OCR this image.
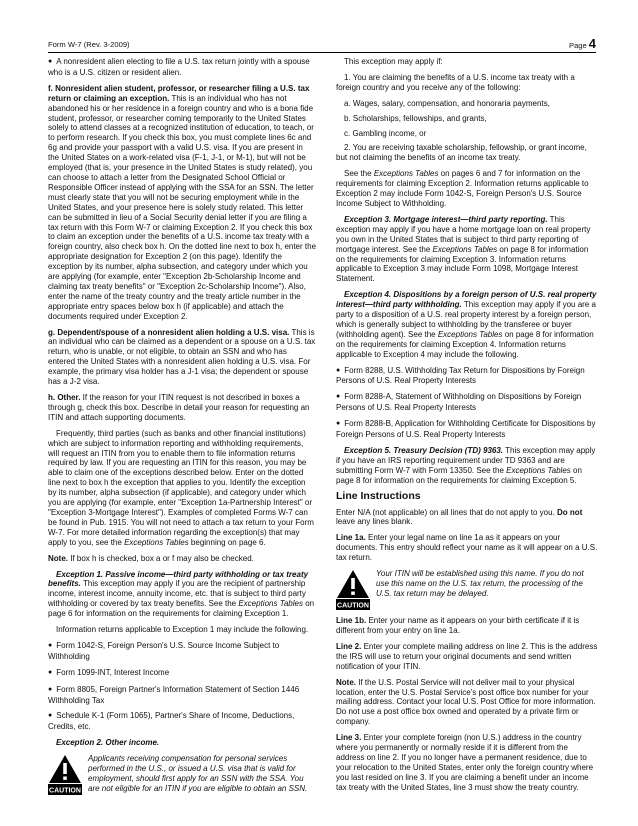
Form W-7 (Rev. 3-2009)	Page 4

● A nonresident alien electing to file a U.S. tax return jointly with a spouse who is a U.S. citizen or resident alien.

f. Nonresident alien student, professor, or researcher filing a U.S. tax return or claiming an exception. This is an individual who has not abandoned his or her residence in a foreign country and who is a bona fide student, professor, or researcher coming temporarily to the United States solely to attend classes at a recognized institution of education, to teach, or to perform research. If you check this box, you must complete lines 6c and 6g and provide your passport with a valid U.S. visa. If you are present in the United States on a work-related visa (F-1, J-1, or M-1), but will not be employed (that is, your presence in the United States is study related), you can choose to attach a letter from the Designated School Official or Responsible Officer instead of applying with the SSA for an SSN. The letter must clearly state that you will not be securing employment while in the United States, and your presence here is solely study related. This letter can be submitted in lieu of a Social Security denial letter if you are filing a tax return with this Form W-7 or claiming Exception 2. If you check this box to claim an exception under the benefits of a U.S. income tax treaty with a foreign country, also check box h. On the dotted line next to box h, enter the appropriate designation for Exception 2 (on this page). Identify the exception by its number, alpha subsection, and category under which you are applying (for example, enter "Exception 2b-Scholarship Income and claiming tax treaty benefits" or "Exception 2c-Scholarship Income"). Also, enter the name of the treaty country and the treaty article number in the appropriate entry spaces below box h (if applicable) and attach the documents required under Exception 2.

g. Dependent/spouse of a nonresident alien holding a U.S. visa. This is an individual who can be claimed as a dependent or a spouse on a U.S. tax return, who is unable, or not eligible, to obtain an SSN and who has entered the United States with a nonresident alien holding a U.S. visa. For example, the primary visa holder has a J-1 visa; the dependent or spouse has a J-2 visa.

h. Other. If the reason for your ITIN request is not described in boxes a through g, check this box. Describe in detail your reason for requesting an ITIN and attach supporting documents.

Frequently, third parties (such as banks and other financial institutions) which are subject to information reporting and withholding requirements, will request an ITIN from you to enable them to file information returns required by law. If you are requesting an ITIN for this reason, you may be able to claim one of the exceptions described below. Enter on the dotted line next to box h the exception that applies to you. Identify the exception by its number, alpha subsection (if applicable), and category under which you are applying (for example, enter "Exception 1a-Partnership Interest" or "Exception 3-Mortgage Interest"). Examples of completed Forms W-7 can be found in Pub. 1915. You will not need to attach a tax return to your Form W-7. For more detailed information regarding the exception(s) that may apply to you, see the Exceptions Tables beginning on page 6.

Note. If box h is checked, box a or f may also be checked.

Exception 1. Passive income—third party withholding or tax treaty benefits. This exception may apply if you are the recipient of partnership income, interest income, annuity income, etc. that is subject to third party withholding or covered by tax treaty benefits. See the Exceptions Tables on page 6 for information on the requirements for claiming Exception 1.

Information returns applicable to Exception 1 may include the following.

● Form 1042-S, Foreign Person's U.S. Source Income Subject to Withholding

● Form 1099-INT, Interest Income

● Form 8805, Foreign Partner's Information Statement of Section 1446 Withholding Tax

● Schedule K-1 (Form 1065), Partner's Share of Income, Deductions, Credits, etc.

Exception 2. Other income.

CAUTION
Applicants receiving compensation for personal services performed in the U.S., or issued a U.S. visa that is valid for employment, should first apply for an SSN with the SSA. You are not eligible for an ITIN if you are eligible to obtain an SSN.

This exception may apply if:

1. You are claiming the benefits of a U.S. income tax treaty with a foreign country and you receive any of the following:

a. Wages, salary, compensation, and honoraria payments,

b. Scholarships, fellowships, and grants,

c. Gambling income, or

2. You are receiving taxable scholarship, fellowship, or grant income, but not claiming the benefits of an income tax treaty.

See the Exceptions Tables on pages 6 and 7 for information on the requirements for claiming Exception 2. Information returns applicable to Exception 2 may include Form 1042-S, Foreign Person's U.S. Source Income Subject to Withholding.

Exception 3. Mortgage interest—third party reporting. This exception may apply if you have a home mortgage loan on real property you own in the United States that is subject to third party reporting of mortgage interest. See the Exceptions Tables on page 8 for information on the requirements for claiming Exception 3. Information returns applicable to Exception 3 may include Form 1098, Mortgage Interest Statement.

Exception 4. Dispositions by a foreign person of U.S. real property interest—third party withholding. This exception may apply if you are a party to a disposition of a U.S. real property interest by a foreign person, which is generally subject to withholding by the transferee or buyer (withholding agent). See the Exceptions Tables on page 8 for information on the requirements for claiming Exception 4. Information returns applicable to Exception 4 may include the following.

● Form 8288, U.S. Withholding Tax Return for Dispositions by Foreign Persons of U.S. Real Property Interests

● Form 8288-A, Statement of Withholding on Dispositions by Foreign Persons of U.S. Real Property Interests

● Form 8288-B, Application for Withholding Certificate for Dispositions by Foreign Persons of U.S. Real Property Interests

Exception 5. Treasury Decision (TD) 9363. This exception may apply if you have an IRS reporting requirement under TD 9363 and are submitting Form W-7 with Form 13350. See the Exceptions Tables on page 8 for information on the requirements for claiming Exception 5.

Line Instructions

Enter N/A (not applicable) on all lines that do not apply to you. Do not leave any lines blank.

Line 1a. Enter your legal name on line 1a as it appears on your documents. This entry should reflect your name as it will appear on a U.S. tax return.

CAUTION
Your ITIN will be established using this name. If you do not use this name on the U.S. tax return, the processing of the U.S. tax return may be delayed.

Line 1b. Enter your name as it appears on your birth certificate if it is different from your entry on line 1a.

Line 2. Enter your complete mailing address on line 2. This is the address the IRS will use to return your original documents and send written notification of your ITIN.

Note. If the U.S. Postal Service will not deliver mail to your physical location, enter the U.S. Postal Service's post office box number for your mailing address. Contact your local U.S. Post Office for more information. Do not use a post office box owned and operated by a private firm or company.

Line 3. Enter your complete foreign (non U.S.) address in the country where you permanently or normally reside if it is different from the address on line 2. If you no longer have a permanent residence, due to your relocation to the United States, enter only the foreign country where you last resided on line 3. If you are claiming a benefit under an income tax treaty with the United States, line 3 must show the treaty country.
